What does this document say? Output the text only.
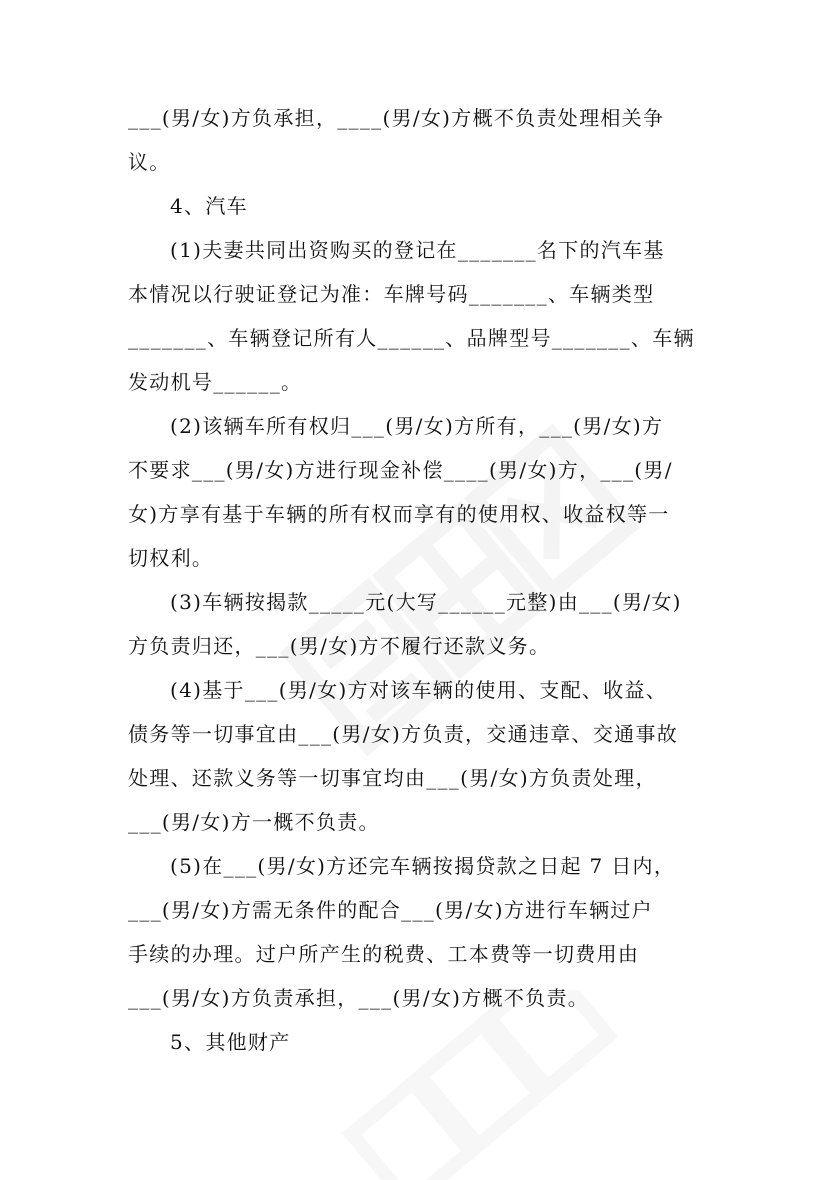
___(男/女)方负承担，____(男/女)方概不负责处理相关争
议。
4、汽车
(1)夫妻共同出资购买的登记在_______名下的汽车基
本情况以行驶证登记为准：车牌号码_______、车辆类型
_______、车辆登记所有人______、品牌型号_______、车辆
发动机号______。
(2)该辆车所有权归___(男/女)方所有，___(男/女)方
不要求___(男/女)方进行现金补偿____(男/女)方，___(男/
女)方享有基于车辆的所有权而享有的使用权、收益权等一
切权利。
(3)车辆按揭款_____元(大写______元整)由___(男/女)
方负责归还，___(男/女)方不履行还款义务。
(4)基于___(男/女)方对该车辆的使用、支配、收益、
债务等一切事宜由___(男/女)方负责，交通违章、交通事故
处理、还款义务等一切事宜均由___(男/女)方负责处理，
___(男/女)方一概不负责。
(5)在___(男/女)方还完车辆按揭贷款之日起 7 日内，
___(男/女)方需无条件的配合___(男/女)方进行车辆过户
手续的办理。过户所产生的税费、工本费等一切费用由
___(男/女)方负责承担，___(男/女)方概不负责。
5、其他财产
